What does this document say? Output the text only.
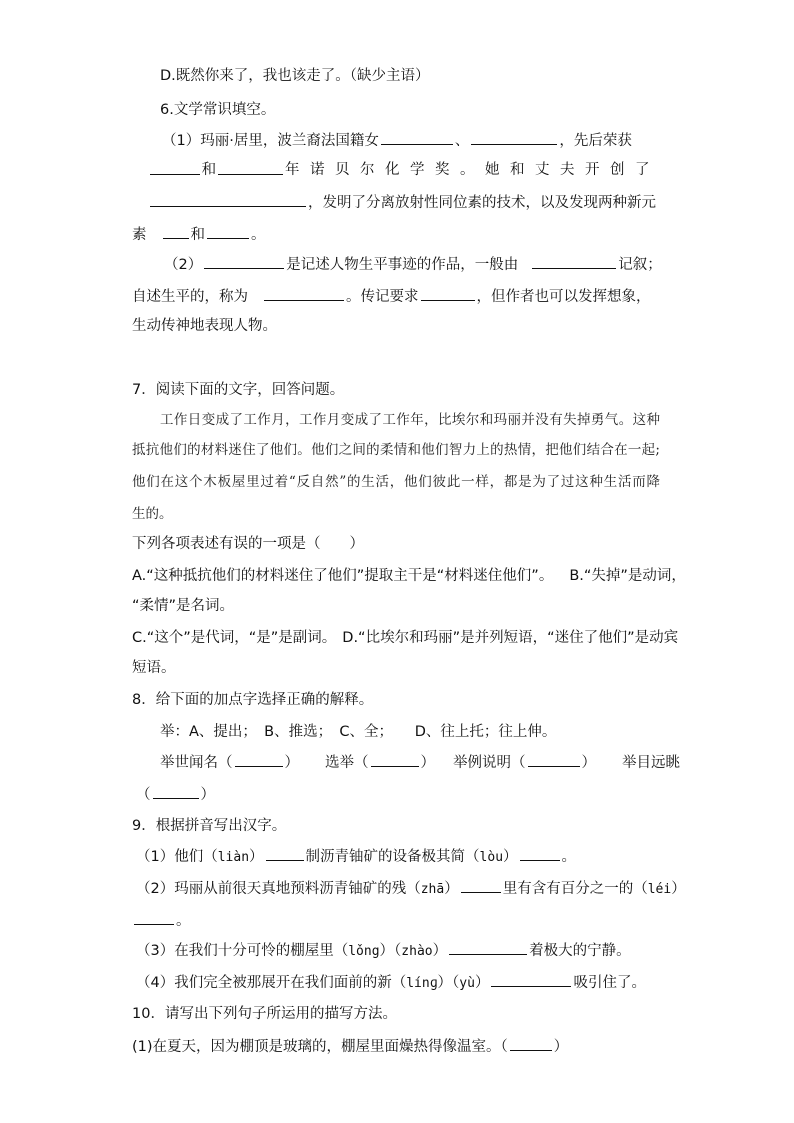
D.既然你来了，我也该走了。（缺少主语）
6.文学常识填空。
（1）玛丽·居里，波兰裔法国籍女	、	，先后荣获
和	年诺贝尔化学奖。她和丈夫开创了
，发明了分离放射性同位素的技术，以及发现两种新元
素	和	。
（2）	是记述人物生平事迹的作品，一般由	记叙；
自述生平的，称为	。传记要求	，但作者也可以发挥想象，
生动传神地表现人物。
7．阅读下面的文字，回答问题。
工作日变成了工作月，工作月变成了工作年，比埃尔和玛丽并没有失掉勇气。这种
抵抗他们的材料迷住了他们。他们之间的柔情和他们智力上的热情，把他们结合在一起;
他们在这个木板屋里过着“反自然”的生活，他们彼此一样，都是为了过这种生活而降
生的。
下列各项表述有误的一项是（　　）
A.“这种抵抗他们的材料迷住了他们”提取主干是“材料迷住他们”。 B.“失掉”是动词，
“柔情”是名词。
C.“这个”是代词，“是”是副词。 D.“比埃尔和玛丽”是并列短语，“迷住了他们”是动宾
短语。
8．给下面的加点字选择正确的解释。
举：A、提出；　B、推选；　C、全；　　D、往上托；往上伸。
举世闻名（	） 选举（	） 举例说明（	） 举目远眺
（	）
9．根据拼音写出汉字。
（1）他们（liàn）	制沥青铀矿的设备极其简（lòu）	。
（2）玛丽从前很天真地预料沥青铀矿的残（zhā）	里有含有百分之一的（léi）
。
（3）在我们十分可怜的棚屋里（lǒng）（zhào）	着极大的宁静。
（4）我们完全被那展开在我们面前的新（línɡ）（yù）	吸引住了。
10．请写出下列句子所运用的描写方法。
(1)在夏天，因为棚顶是玻璃的，棚屋里面燥热得像温室。（	）
